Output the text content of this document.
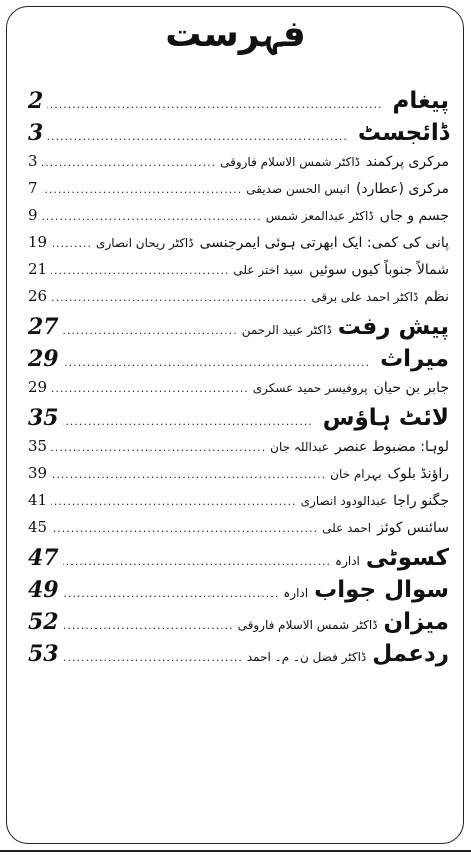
فہرست
پیغام
.....
2
ڈائجسٹ
.....
3
مرکری پرکمند
ڈاکٹر شمس الاسلام فاروقی
.....
3
مرکری (عطارد)
انیس الحسن صدیقی
.....
7
جسم و جاں
ڈاکٹر عبدالمعز شمس
.....
9
پانی کی کمی: ایک ابھرتی ہوئی ایمرجنسی
ڈاکٹر ریحان انصاری
.....
19
شمالاً جنوباً کیوں سوئیں
سید اختر علی
.....
21
نظم
ڈاکٹر احمد علی برقی
.....
26
پیش رفت
ڈاکٹر عبید الرحمن
.....
27
میراث
.....
29
جابر بن حیان
پروفیسر حمید عسکری
.....
29
لائٹ ہاؤس
.....
35
لوہا: مضبوط عنصر
عبداللہ جان
.....
35
راؤنڈ بلوک
بہرام خان
.....
39
جگنو راجا
عبدالودود انصاری
.....
41
سائنس کوئز
احمد علی
.....
45
کسوٹی
ادارہ
.....
47
سوال جواب
ادارہ
.....
49
میزان
ڈاکٹر شمس الاسلام فاروقی
.....
52
ردعمل
ڈاکٹر فضل ن۔ م۔ احمد
.....
53
